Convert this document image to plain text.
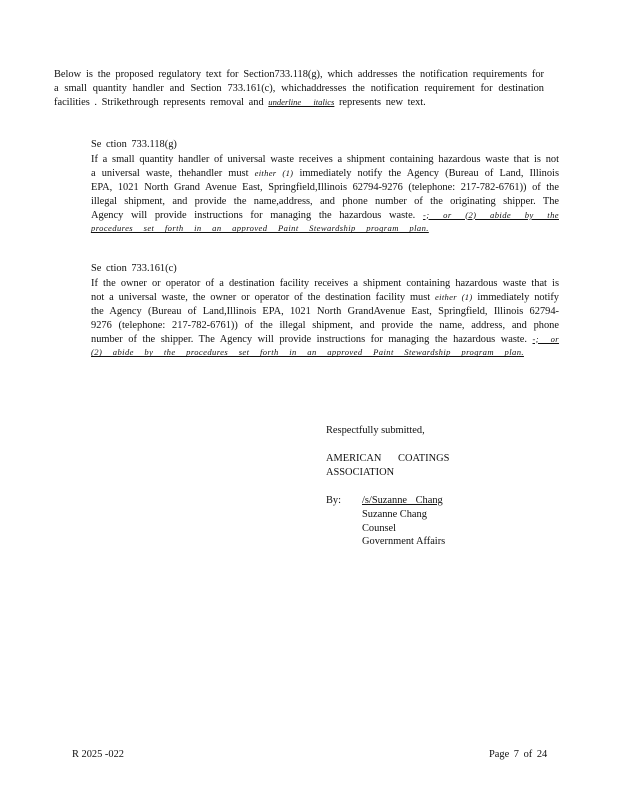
Below is the proposed regulatory text for Section733.118(g), which addresses the notification requirements for a small quantity handler and Section 733.161(c), whichaddresses the notification requirement for destination facilities . Strikethrough represents removal and underline italics represents new text.

Se ction 733.118(g)

If a small quantity handler of universal waste receives a shipment containing hazardous waste that is not a universal waste, thehandler must either (1) immediately notify the Agency (Bureau of Land, Illinois EPA, 1021 North Grand Avenue East, Springfield,Illinois 62794-9276 (telephone: 217-782-6761)) of the illegal shipment, and provide the name,address, and phone number of the originating shipper. The Agency will provide instructions for managing the hazardous waste. -; or (2) abide by the procedures set forth in an approved Paint Stewardship program plan.

Se ction 733.161(c)

If the owner or operator of a destination facility receives a shipment containing hazardous waste that is not a universal waste, the owner or operator of the destination facility must either (1) immediately notify the Agency (Bureau of Land,Illinois EPA, 1021 North GrandAvenue East, Springfield, Illinois 62794-9276 (telephone: 217-782-6761)) of the illegal shipment, and provide the name, address, and phone number of the shipper. The Agency will provide instructions for managing the hazardous waste. -; or (2) abide by the procedures set forth in an approved Paint Stewardship program plan.

Respectfully submitted,

AMERICAN COATINGS ASSOCIATION

By:	/s/Suzanne Chang
Suzanne Chang
Counsel
Government Affairs
R 2025 -022	Page 7 of 24
